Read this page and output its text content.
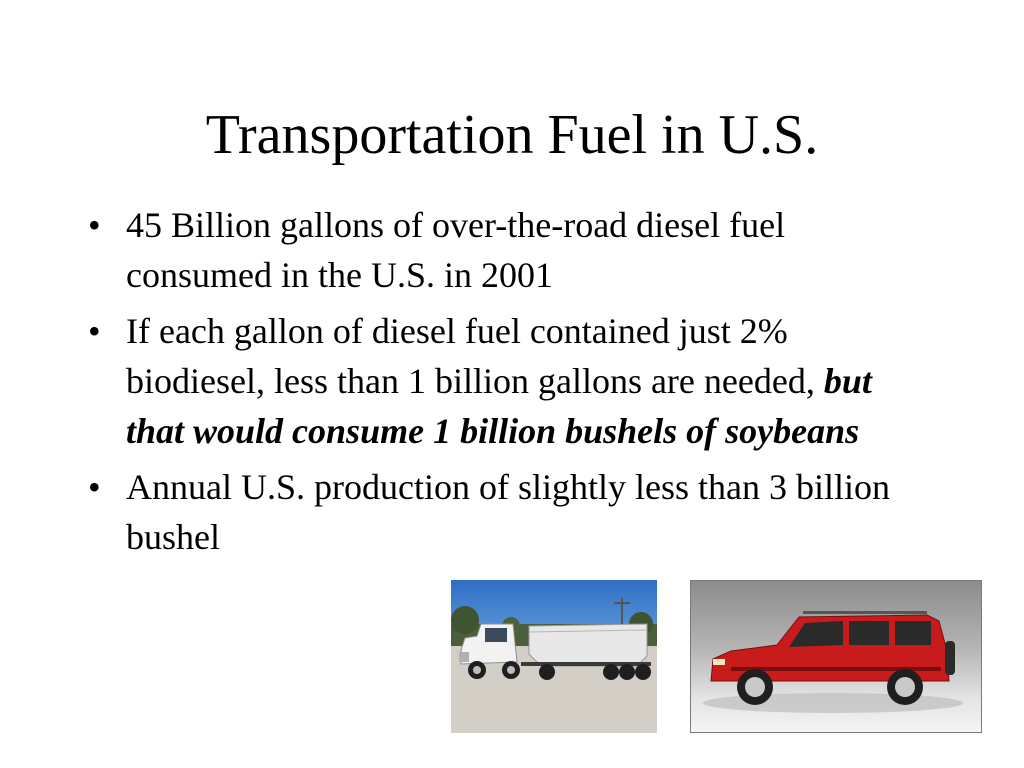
Transportation Fuel in U.S.
• 45 Billion gallons of over-the-road diesel fuel consumed in the U.S. in 2001
• If each gallon of diesel fuel contained just 2% biodiesel, less than 1 billion gallons are needed, but that would consume 1 billion bushels of soybeans
• Annual U.S. production of slightly less than 3 billion bushel
